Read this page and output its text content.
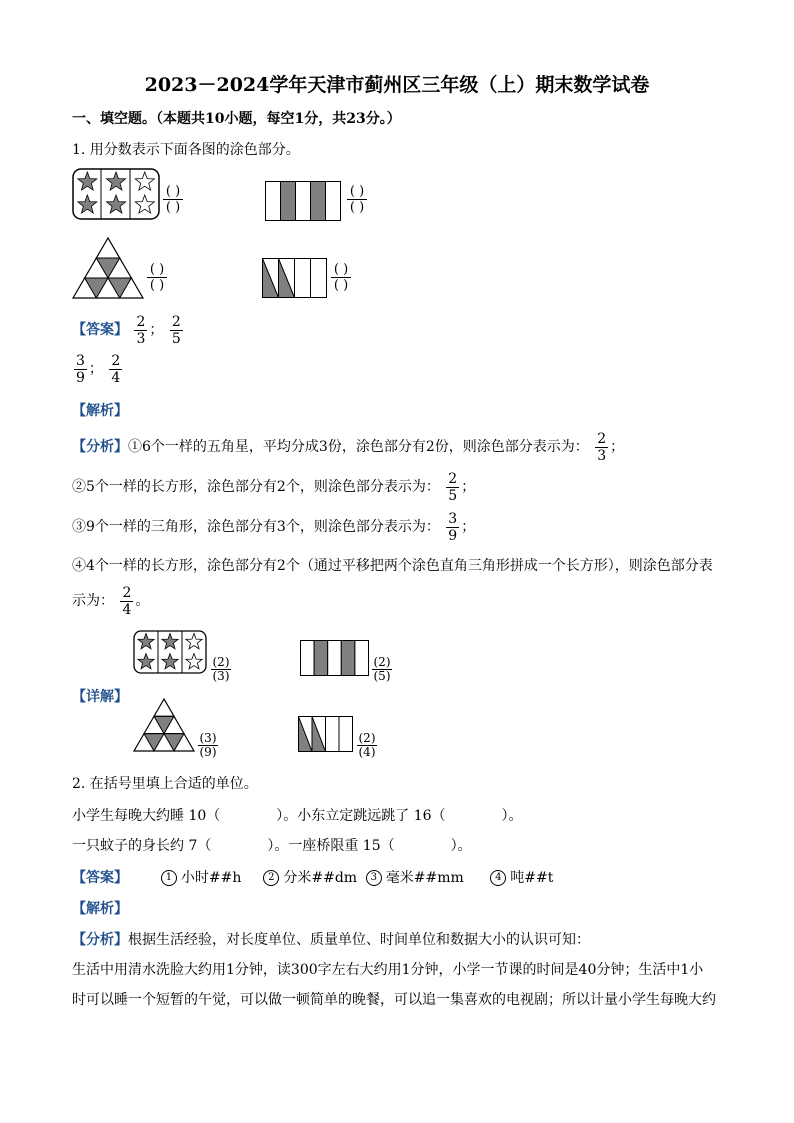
2023－2024学年天津市蓟州区三年级（上）期末数学试卷
一、填空题。（本题共10小题，每空1分，共23分。）
1. 用分数表示下面各图的涂色部分。
( )
( )
( )
( )
( )
( )
( )
( )
【答案】 $\frac{2}{3}$ ； $\frac{2}{5}$
$\frac{3}{9}$ ； $\frac{2}{4}$
【解析】
【分析】①6个一样的五角星，平均分成3份，涂色部分有2份，则涂色部分表示为： $\frac{2}{3}$ ；
②5个一样的长方形，涂色部分有2个，则涂色部分表示为： $\frac{2}{5}$ ；
③9个一样的三角形，涂色部分有3个，则涂色部分表示为： $\frac{3}{9}$ ；
④4个一样的长方形，涂色部分有2个（通过平移把两个涂色直角三角形拼成一个长方形），则涂色部分表
示为： $\frac{2}{4}$ 。
(2)
(3)
(2)
(5)
【详解】
(3)
(9)
(2)
(4)
2. 在括号里填上合适的单位。
小学生每晚大约睡 10（	）。小东立定跳远跳了 16（	）。
一只蚊子的身长约 7（	）。一座桥限重 15（	）。
【答案】	1 小时##h	2 分米##dm 3 毫米##mm	4 吨##t
【解析】
【分析】根据生活经验，对长度单位、质量单位、时间单位和数据大小的认识可知：
生活中用清水洗脸大约用1分钟，读300字左右大约用1分钟，小学一节课的时间是40分钟；生活中1小
时可以睡一个短暂的午觉，可以做一顿简单的晚餐，可以追一集喜欢的电视剧；所以计量小学生每晚大约
